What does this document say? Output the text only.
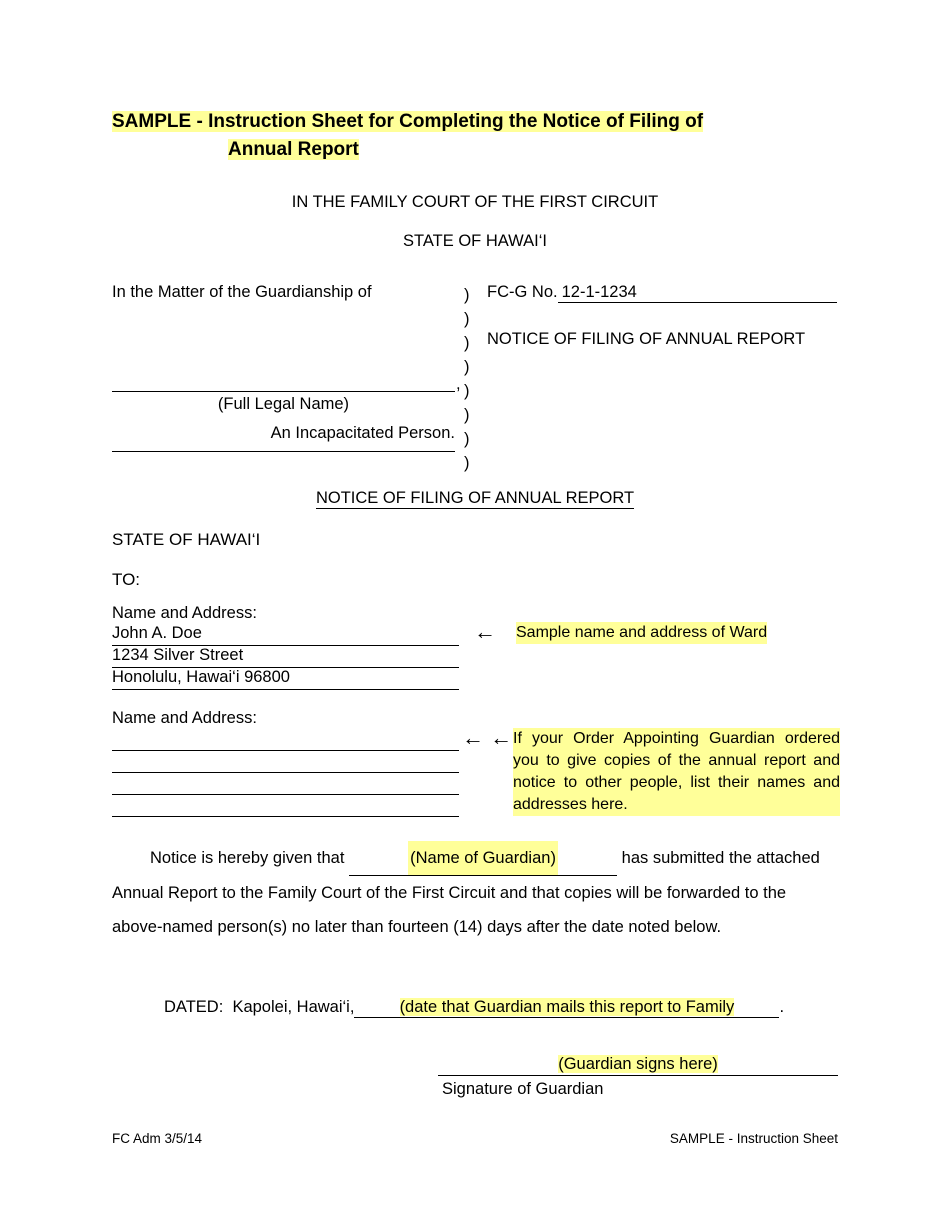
SAMPLE - Instruction Sheet for Completing the Notice of Filing of
Annual Report
IN THE FAMILY COURT OF THE FIRST CIRCUIT
STATE OF HAWAI‘I
In the Matter of the Guardianship of
,
(Full Legal Name)
An Incapacitated Person.
)
)
)
)
)
)
)
)
FC-G No. 12-1-1234
NOTICE OF FILING OF ANNUAL REPORT
NOTICE OF FILING OF ANNUAL REPORT
STATE OF HAWAI‘I
TO:
Name and Address:
John A. Doe
1234 Silver Street
Honolulu, Hawai‘i 96800
← Sample name and address of Ward
Name and Address:
← ← If your Order Appointing Guardian ordered you to give copies of the annual report and notice to other people, list their names and addresses here.
Notice is hereby given that	(Name of Guardian)	has submitted the attached Annual Report to the Family Court of the First Circuit and that copies will be forwarded to the above-named person(s) no later than fourteen (14) days after the date noted below.
DATED: Kapolei, Hawai‘i,	(date that Guardian mails this report to Family	.
(Guardian signs here)
Signature of Guardian
FC Adm 3/5/14	SAMPLE - Instruction Sheet
